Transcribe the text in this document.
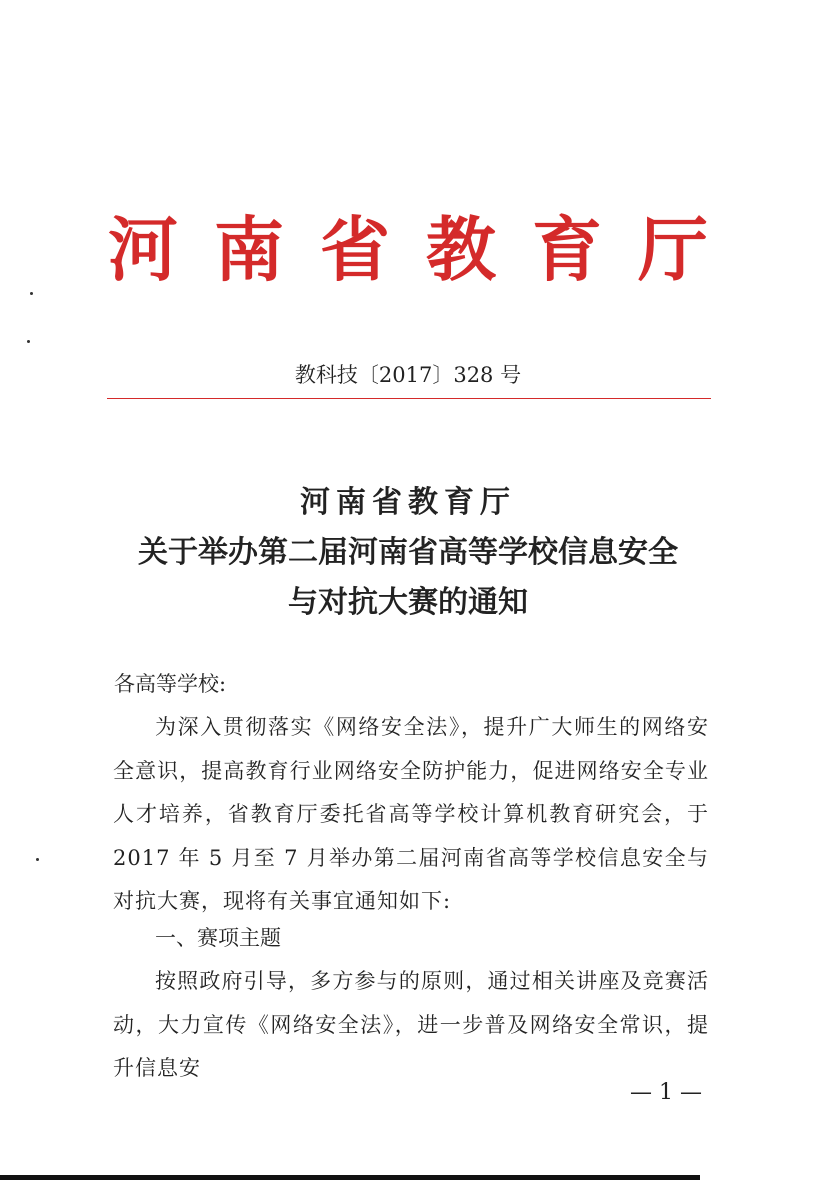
河南省教育厅
教科技〔2017〕328 号
河南省教育厅
关于举办第二届河南省高等学校信息安全
与对抗大赛的通知
各高等学校:
为深入贯彻落实《网络安全法》，提升广大师生的网络安全意识，提高教育行业网络安全防护能力，促进网络安全专业人才培养，省教育厅委托省高等学校计算机教育研究会，于 2017 年 5 月至 7 月举办第二届河南省高等学校信息安全与对抗大赛，现将有关事宜通知如下:
一、赛项主题
按照政府引导，多方参与的原则，通过相关讲座及竞赛活动，大力宣传《网络安全法》，进一步普及网络安全常识，提升信息安
— 1 —
